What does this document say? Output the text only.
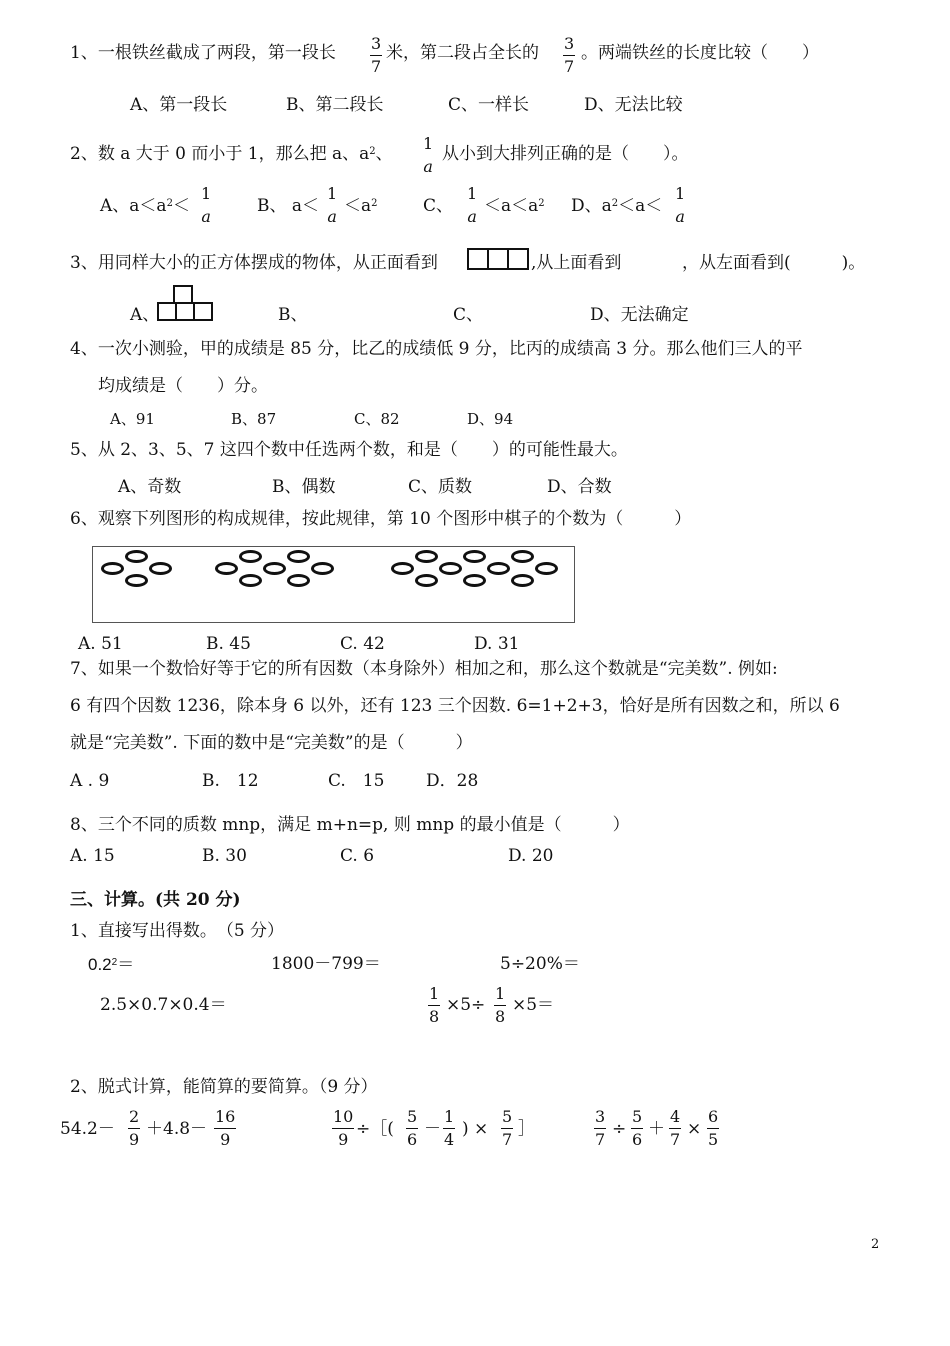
1、一根铁丝截成了两段，第一段长 3
7
米，第二段占全长的 3
7
。两端铁丝的长度比较（　　）
A、第一段长	B、第二段长	C、一样长	D、无法比较
2、数 a 大于 0 而小于 1，那么把 a、$a^2$、
1
a
从小到大排列正确的是（　　）。
A、$a<a^2<$
1
a
B、 a＜
1
a
$<a^2$	C、
1
a
$<a<a^2$ D、$a^2<a<$
1
a
3、用同样大小的正方体摆成的物体，从正面看到	,从上面看到	，从左面看到(　　　)。
A、	B、	C、	D、无法确定
4、一次小测验，甲的成绩是 85 分，比乙的成绩低 9 分，比丙的成绩高 3 分。那么他们三人的平
均成绩是（　　）分。
A、91	B、87	C、82	D、94
5、从 2、3、5、7 这四个数中任选两个数，和是（　　）的可能性最大。
A、奇数	B、偶数	C、质数	D、合数
6、观察下列图形的构成规律，按此规律，第 10 个图形中棋子的个数为（　　　）
A. 51	B. 45	C. 42	D. 31
7、如果一个数恰好等于它的所有因数（本身除外）相加之和，那么这个数就是“完美数”. 例如:
6 有四个因数 1236，除本身 6 以外，还有 123 三个因数. 6=1+2+3，恰好是所有因数之和，所以 6
就是“完美数”. 下面的数中是“完美数”的是（　　　）
A . 9	B.　12	C.　15 D．28
8、三个不同的质数 mnp，满足 m+n=p, 则 mnp 的最小值是（　　　）
A. 15	B. 30	C. 6	D. 20
三、计算。(共 20 分)
1、直接写出得数。　（5 分）
$0.2^2=$	1800－799＝	5÷20%＝
2.5×0.7×0.4＝
1
8
×5÷
1
8
×5＝
2、脱式计算，能简算的要简算。（9 分）
54.2－
2
9
＋4.8－
16
9
10
9
÷［(
5
6
－
1
4
) ×
5
7
］
3
7
÷
5
6
＋
4
7
×
6
5
2
